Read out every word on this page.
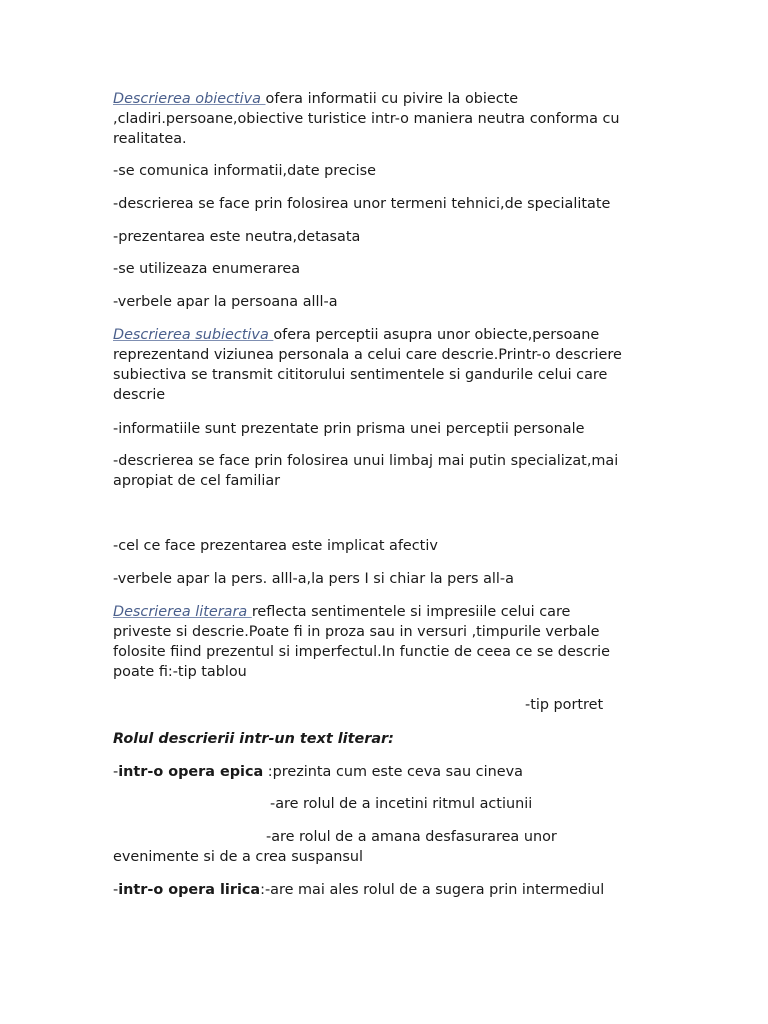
Descrierea obiectiva ofera informatii cu pivire la obiecte

,cladiri.persoane,obiective turistice intr-o maniera neutra conforma cu

realitatea.

-se comunica informatii,date precise

-descrierea se face prin folosirea unor termeni tehnici,de specialitate

-prezentarea este neutra,detasata

-se utilizeaza enumerarea

-verbele apar la persoana alll-a

Descrierea subiectiva ofera perceptii asupra unor obiecte,persoane

reprezentand viziunea personala a celui care descrie.Printr-o descriere

subiectiva se transmit cititorului sentimentele si gandurile celui care

descrie

-informatiile sunt prezentate prin prisma unei perceptii personale

-descrierea se face prin folosirea unui limbaj mai putin specializat,mai

apropiat de cel familiar

-cel ce face prezentarea este implicat afectiv

-verbele apar la pers. alll-a,la pers I si chiar la pers all-a

Descrierea literara reflecta sentimentele si impresiile celui care

priveste si descrie.Poate fi in proza sau in versuri ,timpurile verbale

folosite fiind prezentul si imperfectul.In functie de ceea ce se descrie

poate fi:-tip tablou

-tip portret

Rolul descrierii intr-un text literar:

-intr-o opera epica :prezinta cum este ceva sau cineva

-are rolul de a incetini ritmul actiunii

-are rolul de a amana desfasurarea unor

evenimente si de a crea suspansul

-intr-o opera lirica:-are mai ales rolul de a sugera prin intermediul
